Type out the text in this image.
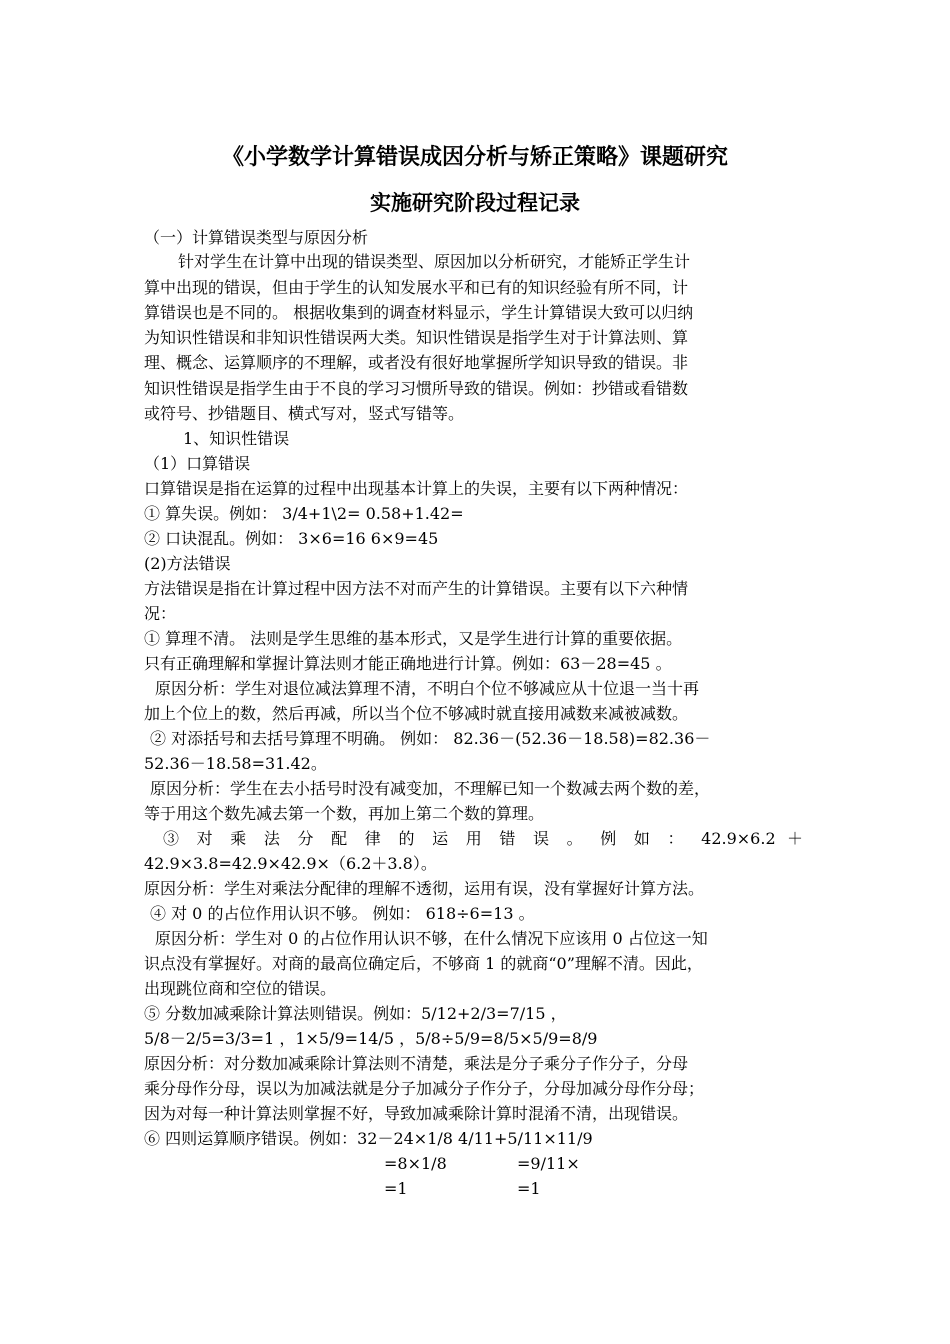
《小学数学计算错误成因分析与矫正策略》课题研究
实施研究阶段过程记录
（一）计算错误类型与原因分析
针对学生在计算中出现的错误类型、原因加以分析研究，才能矫正学生计
算中出现的错误，但由于学生的认知发展水平和已有的知识经验有所不同，计
算错误也是不同的。 根据收集到的调查材料显示，学生计算错误大致可以归纳
为知识性错误和非知识性错误两大类。知识性错误是指学生对于计算法则、算
理、概念、运算顺序的不理解，或者没有很好地掌握所学知识导致的错误。非
知识性错误是指学生由于不良的学习习惯所导致的错误。例如：抄错或看错数
或符号、抄错题目、横式写对，竖式写错等。
1、知识性错误
（1）口算错误
口算错误是指在运算的过程中出现基本计算上的失误，主要有以下两种情况：
① 算失误。例如： 3/4+1\2= 0.58+1.42=
② 口诀混乱。例如： 3×6=16 6×9=45
(2)方法错误
方法错误是指在计算过程中因方法不对而产生的计算错误。主要有以下六种情
况：
① 算理不清。 法则是学生思维的基本形式，又是学生进行计算的重要依据。
只有正确理解和掌握计算法则才能正确地进行计算。例如：63－28=45 。
原因分析：学生对退位减法算理不清，不明白个位不够减应从十位退一当十再
加上个位上的数，然后再减，所以当个位不够减时就直接用减数来减被减数。
② 对添括号和去括号算理不明确。 例如： 82.36－(52.36－18.58)=82.36－
52.36－18.58=31.42。
原因分析：学生在去小括号时没有减变加，不理解已知一个数减去两个数的差，
等于用这个数先减去第一个数，再加上第二个数的算理。
③ 对 乘 法 分 配 律 的 运 用 错 误 。 例 如 ： 42.9×6.2 ＋
42.9×3.8=42.9×42.9×（6.2＋3.8）。
原因分析：学生对乘法分配律的理解不透彻，运用有误，没有掌握好计算方法。
④ 对 0 的占位作用认识不够。 例如： 618÷6=13 。
原因分析：学生对 0 的占位作用认识不够，在什么情况下应该用 0 占位这一知
识点没有掌握好。对商的最高位确定后，不够商 1 的就商“0”理解不清。因此，
出现跳位商和空位的错误。
⑤ 分数加减乘除计算法则错误。例如：5/12+2/3=7/15 ，
5/8－2/5=3/3=1 ，1×5/9=14/5 ，5/8÷5/9=8/5×5/9=8/9
原因分析：对分数加减乘除计算法则不清楚，乘法是分子乘分子作分子，分母
乘分母作分母，误以为加减法就是分子加减分子作分子，分母加减分母作分母；
因为对每一种计算法则掌握不好，导致加减乘除计算时混淆不清，出现错误。
⑥ 四则运算顺序错误。例如：32－24×1/8 4/11+5/11×11/9
=8×1/8	=9/11×
=1	=1
